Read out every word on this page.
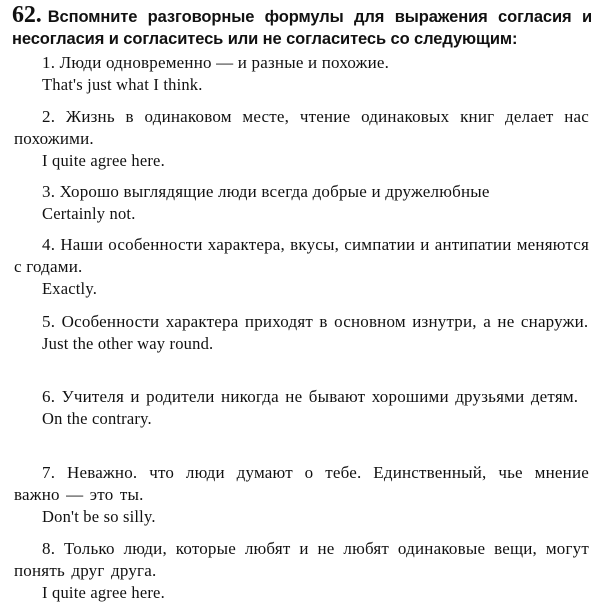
62. Вспомните разговорные формулы для выражения согласия и несогласия и согласитесь или не согласитесь со следующим:
1. Люди одновременно — и разные и похожие.
That's just what I think.
2. Жизнь в одинаковом месте, чтение одинаковых книг делает нас похожими.
I quite agree here.
3. Хорошо выглядящие люди всегда добрые и дружелюбные
Certainly not.
4. Наши особенности характера, вкусы, симпатии и антипатии меняются с годами.
Exactly.
5. Особенности характера приходят в основном изнутри, а не снаружи.
Just the other way round.
6. Учителя и родители никогда не бывают хорошими друзьями детям.
On the contrary.
7. Неважно. что люди думают о тебе. Единственный, чье мнение важно — это ты.
Don't be so silly.
8. Только люди, которые любят и не любят одинаковые вещи, могут понять друг друга.
I quite agree here.
